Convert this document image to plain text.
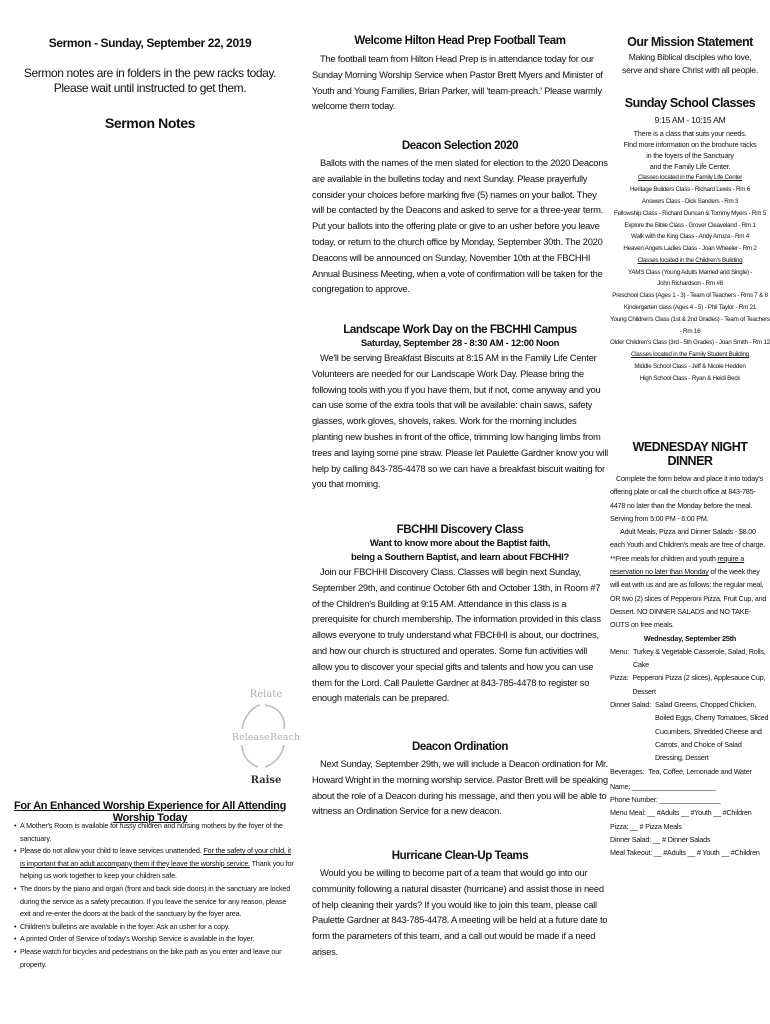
Sermon - Sunday, September 22, 2019
Sermon notes are in folders in the pew racks today.
Please wait until instructed to get them.
Sermon Notes
Relate
Release Reach
Raise
For An Enhanced Worship Experience for All Attending Worship Today
• A Mother's Room is available for fussy children and nursing mothers by the foyer of the sanctuary.
• Please do not allow your child to leave services unattended. For the safety of your child, it is important that an adult accompany them if they leave the worship service. Thank you for helping us work together to keep your children safe.
• The doors by the piano and organ (front and back side doors) in the sanctuary are locked during the service as a safety precaution. If you leave the service for any reason, please exit and re-enter the doors at the back of the sanctuary by the foyer area.
• Children's bulletins are available in the foyer. Ask an usher for a copy.
• A printed Order of Service of today's Worship Service is available in the foyer.
• Please watch for bicycles and pedestrians on the bike path as you enter and leave our property.
Welcome Hilton Head Prep Football Team

The football team from Hilton Head Prep is in attendance today for our Sunday Morning Worship Service when Pastor Brett Myers and Minister of Youth and Young Families, Brian Parker, will 'team-preach.' Please warmly welcome them today.

Deacon Selection 2020

Ballots with the names of the men slated for election to the 2020 Deacons are available in the bulletins today and next Sunday. Please prayerfully consider your choices before marking five (5) names on your ballot. They will be contacted by the Deacons and asked to serve for a three-year term. Put your ballots into the offering plate or give to an usher before you leave today, or return to the church office by Monday, September 30th. The 2020 Deacons will be announced on Sunday, November 10th at the FBCHHI Annual Business Meeting, when a vote of confirmation will be taken for the congregation to approve.

Landscape Work Day on the FBCHHI Campus
Saturday, September 28 - 8:30 AM - 12:00 Noon

We'll be serving Breakfast Biscuits at 8:15 AM in the Family Life Center Volunteers are needed for our Landscape Work Day. Please bring the following tools with you if you have them, but if not, come anyway and you can use some of the extra tools that will be available: chain saws, safety glasses, work gloves, shovels, rakes. Work for the morning includes planting new bushes in front of the office, trimming low hanging limbs from trees and laying some pine straw. Please let Paulette Gardner know you will help by calling 843-785-4478 so we can have a breakfast biscuit waiting for you that morning.

FBCHHI Discovery Class
Want to know more about the Baptist faith,
being a Southern Baptist, and learn about FBCHHI?

Join our FBCHHI Discovery Class. Classes will begin next Sunday, September 29th, and continue October 6th and October 13th, in Room #7 of the Children's Building at 9:15 AM. Attendance in this class is a prerequisite for church membership. The information provided in this class allows everyone to truly understand what FBCHHI is about, our doctrines, and how our church is structured and operates. Some fun activities will allow you to discover your special gifts and talents and how you can use them for the Lord. Call Paulette Gardner at 843-785-4478 to register so enough materials can be prepared.

Deacon Ordination

Next Sunday, September 29th, we will include a Deacon ordination for Mr. Howard Wright in the morning worship service. Pastor Brett will be speaking about the role of a Deacon during his message, and then you will be able to witness an Ordination Service for a new deacon.

Hurricane Clean-Up Teams

Would you be willing to become part of a team that would go into our community following a natural disaster (hurricane) and assist those in need of help cleaning their yards? If you would like to join this team, please call Paulette Gardner at 843-785-4478. A meeting will be held at a future date to form the parameters of this team, and a call out would be made if a need arises.

Our Mission Statement
Making Biblical disciples who love,
serve and share Christ with all people.
Sunday School Classes
9:15 AM - 10:15 AM
There is a class that suits your needs.
Find more information on the brochure racks
in the foyers of the Sanctuary
and the Family Life Center.
Classes located in the Family Life Center
Heritage Builders Class - Richard Lewis - Rm 6
Answers Class - Dick Sanders - Rm 3
Fellowship Class - Richard Duncan & Tommy Myers - Rm 5
Explore the Bible Class - Grover Cleaveland - Rm 1
Walk with the King Class - Andy Arruza - Rm 4
Heaven Angels Ladies Class - Joan Wheeler - Rm 2
Classes located in the Children's Building
YAMS Class (Young Adults Married and Single) -
John Richardson - Rm #8
Preschool Class (Ages 1 - 3) - Team of Teachers - Rms 7 & 8
Kindergarten class (Ages 4 - 5) - Phil Taylor - Rm 21
Young Children's Class (1st & 2nd Grades) - Team of Teachers - Rm 16
Older Children's Class (3rd - 5th Grades) - Joan Smith - Rm 12
Classes located in the Family Student Building
Middle School Class - Jeff & Nicole Hedden
High School Class - Ryan & Heidi Beck
WEDNESDAY NIGHT DINNER

Complete the form below and place it into today's offering plate or call the church office at 843-785-4478 no later than the Monday before the meal.

Serving from 5:00 PM - 6:00 PM.

Adult Meals, Pizza and Dinner Salads - $8.00 each Youth and Children's meals are free of charge.

**Free meals for children and youth require a reservation no later than Monday of the week they will eat with us and are as follows: the regular meal, OR two (2) slices of Pepperoni Pizza, Fruit Cup, and Dessert. NO DINNER SALADS and NO TAKE-OUTS on free meals.

Wednesday, September 25th
Menu: Turkey & Vegetable Casserole, Salad, Rolls, Cake
Pizza: Pepperoni Pizza (2 slices), Applesauce Cup, Dessert
Dinner Salad: Salad Greens, Chopped Chicken, Boiled Eggs, Cherry Tomatoes, Sliced Cucumbers, Shredded Cheese and Carrots, and Choice of Salad Dressing, Dessert
Beverages: Tea, Coffee, Lemonade and Water
Name: ______________________
Phone Number: ________________
Menu Meal: __ #Adults __ #Youth __ #Children
Pizza: __ # Pizza Meals
Dinner Salad: __ # Dinner Salads
Meal Takeout: __ #Adults __ # Youth __ #Children
